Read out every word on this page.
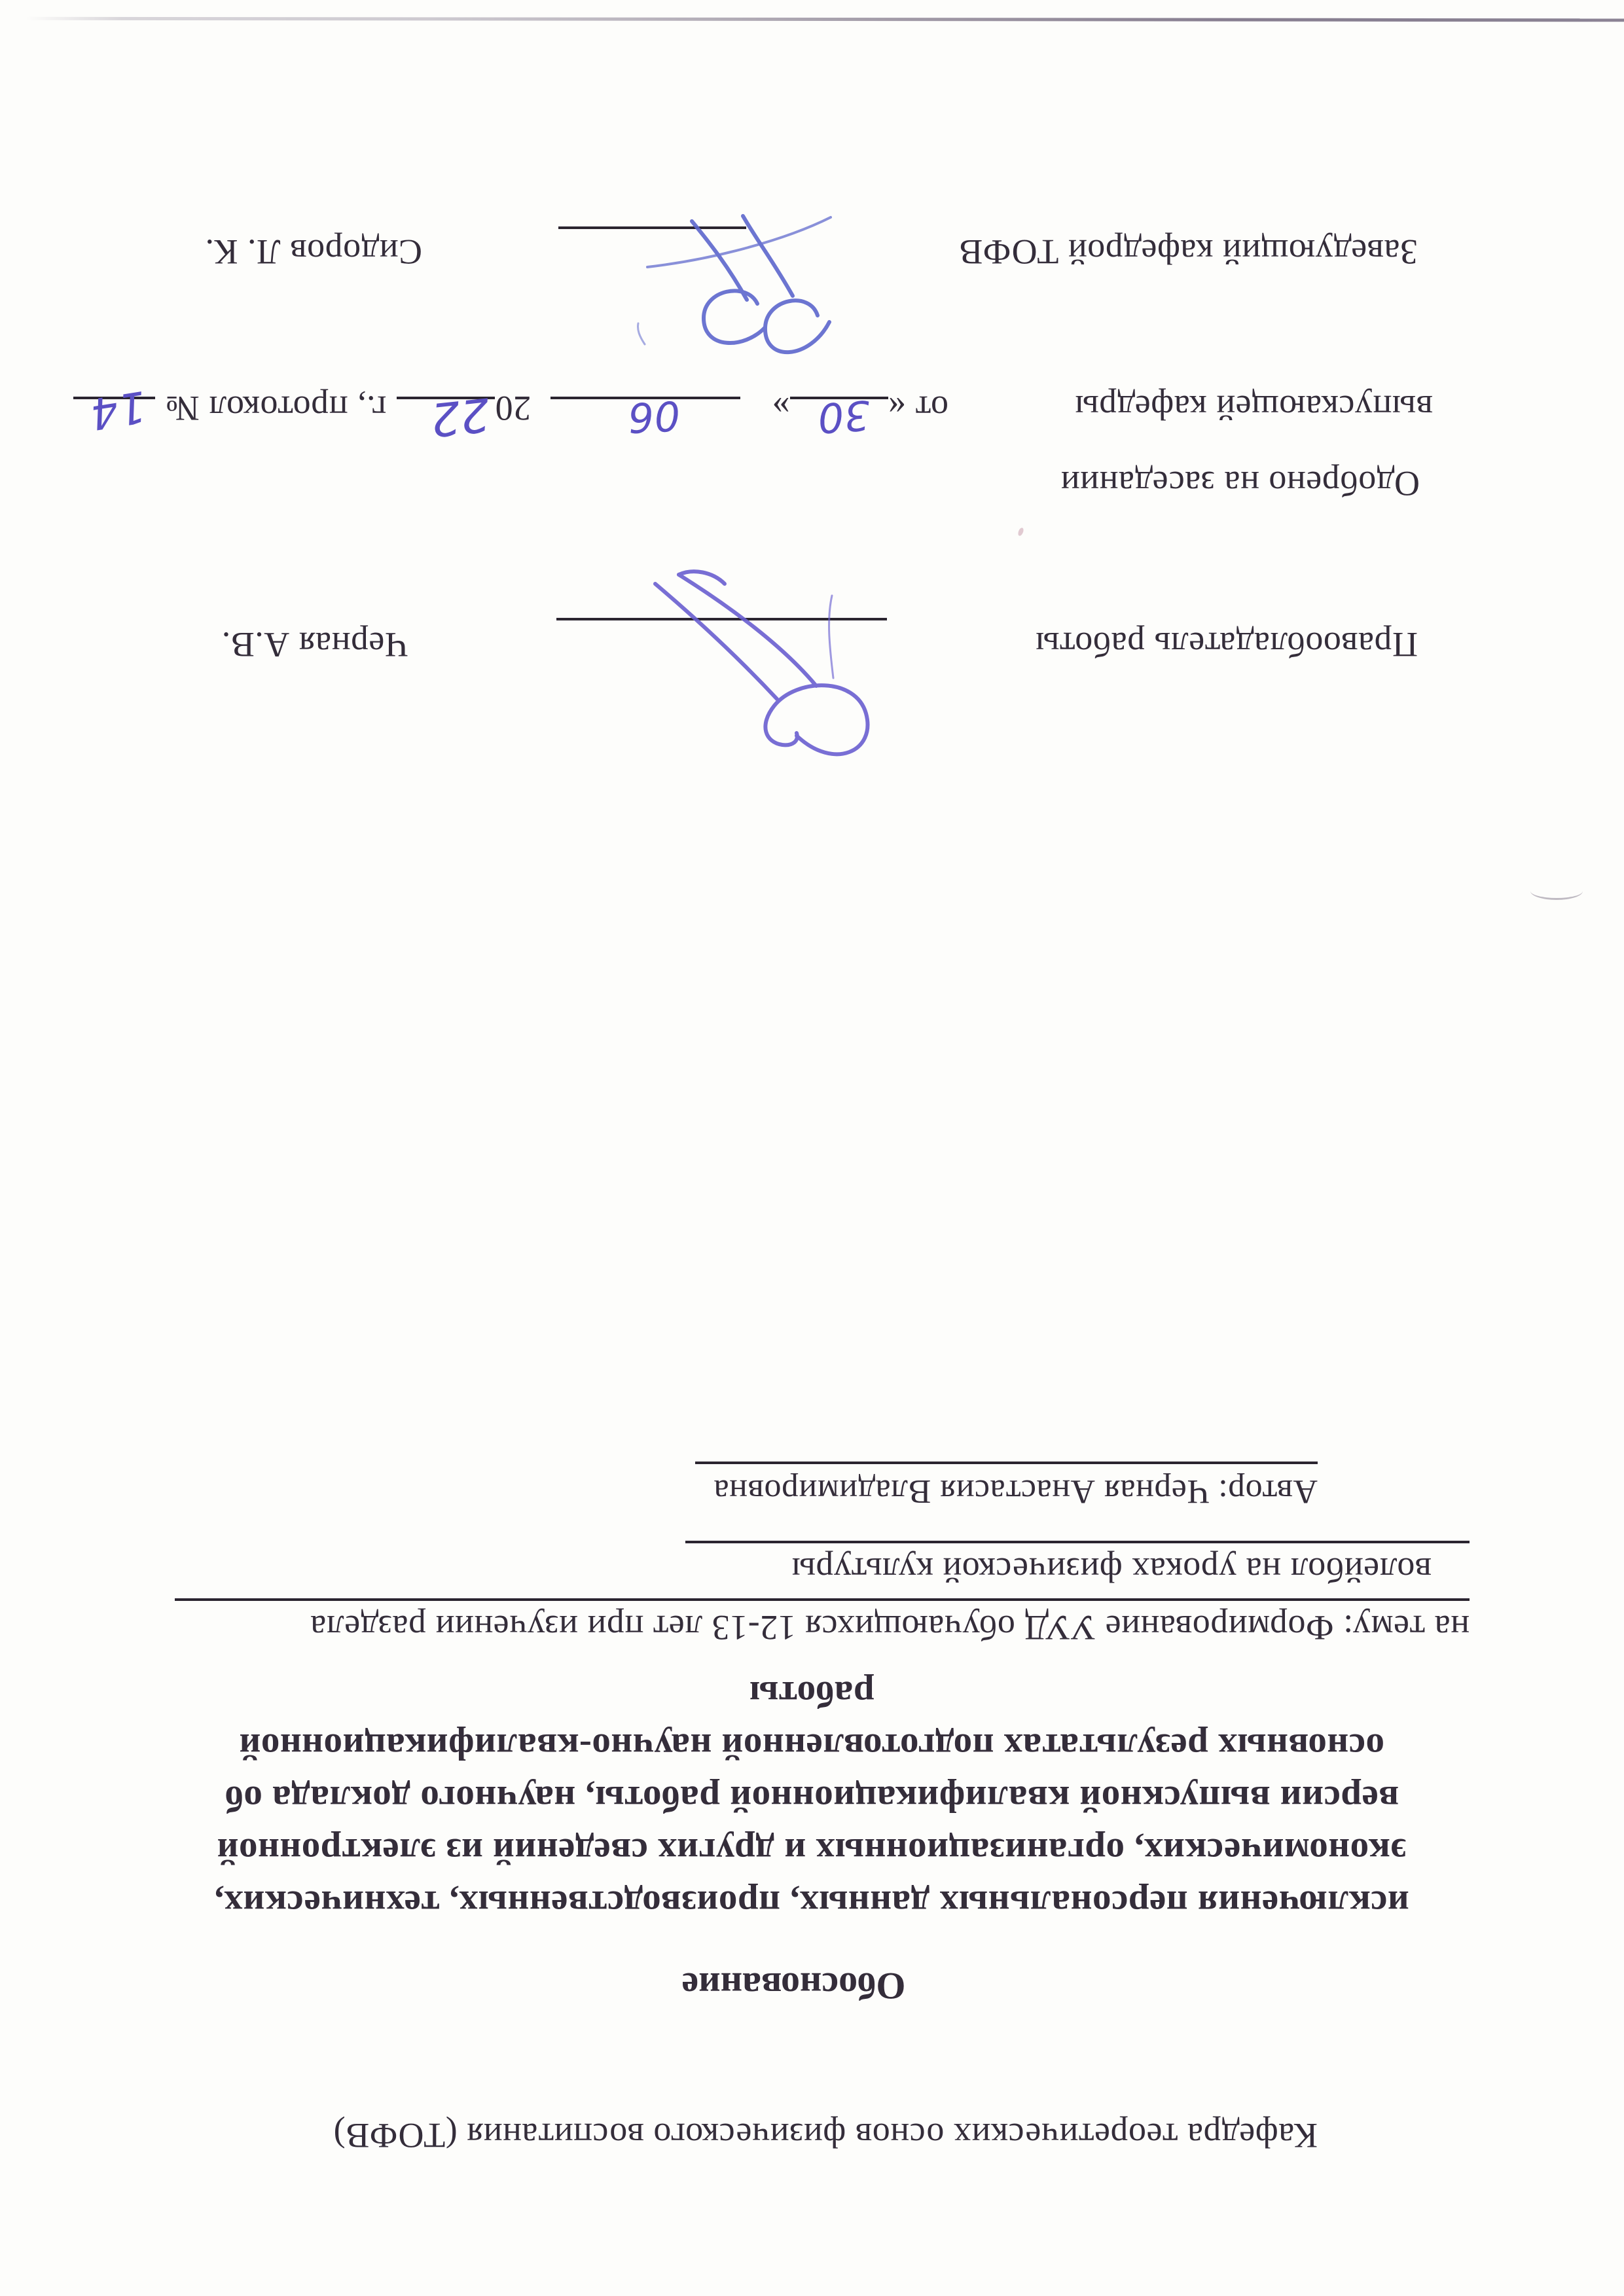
Кафедра теоретических основ физического воспитания (ТОФВ)
Обоснование
исключения персональных данных, производственных, технических,
экономических, организационных и других сведений из электронной
версии выпускной квалификационной работы, научного доклада об
основных результатах подготовленной научно-квалификационной
работы
на тему: Формирование УУД обучающихся 12-13 лет при изучении раздела
волейбол на уроках физической культуры
Автор: Черная Анастасия Владимировна
Правообладатель работы
Черная А.В.
Одобрено на заседании
выпускающей кафедры
от «
30
»
06
20
22
г., протокол №
14
Заведующий кафедрой ТОФВ
Сидоров Л. К.
